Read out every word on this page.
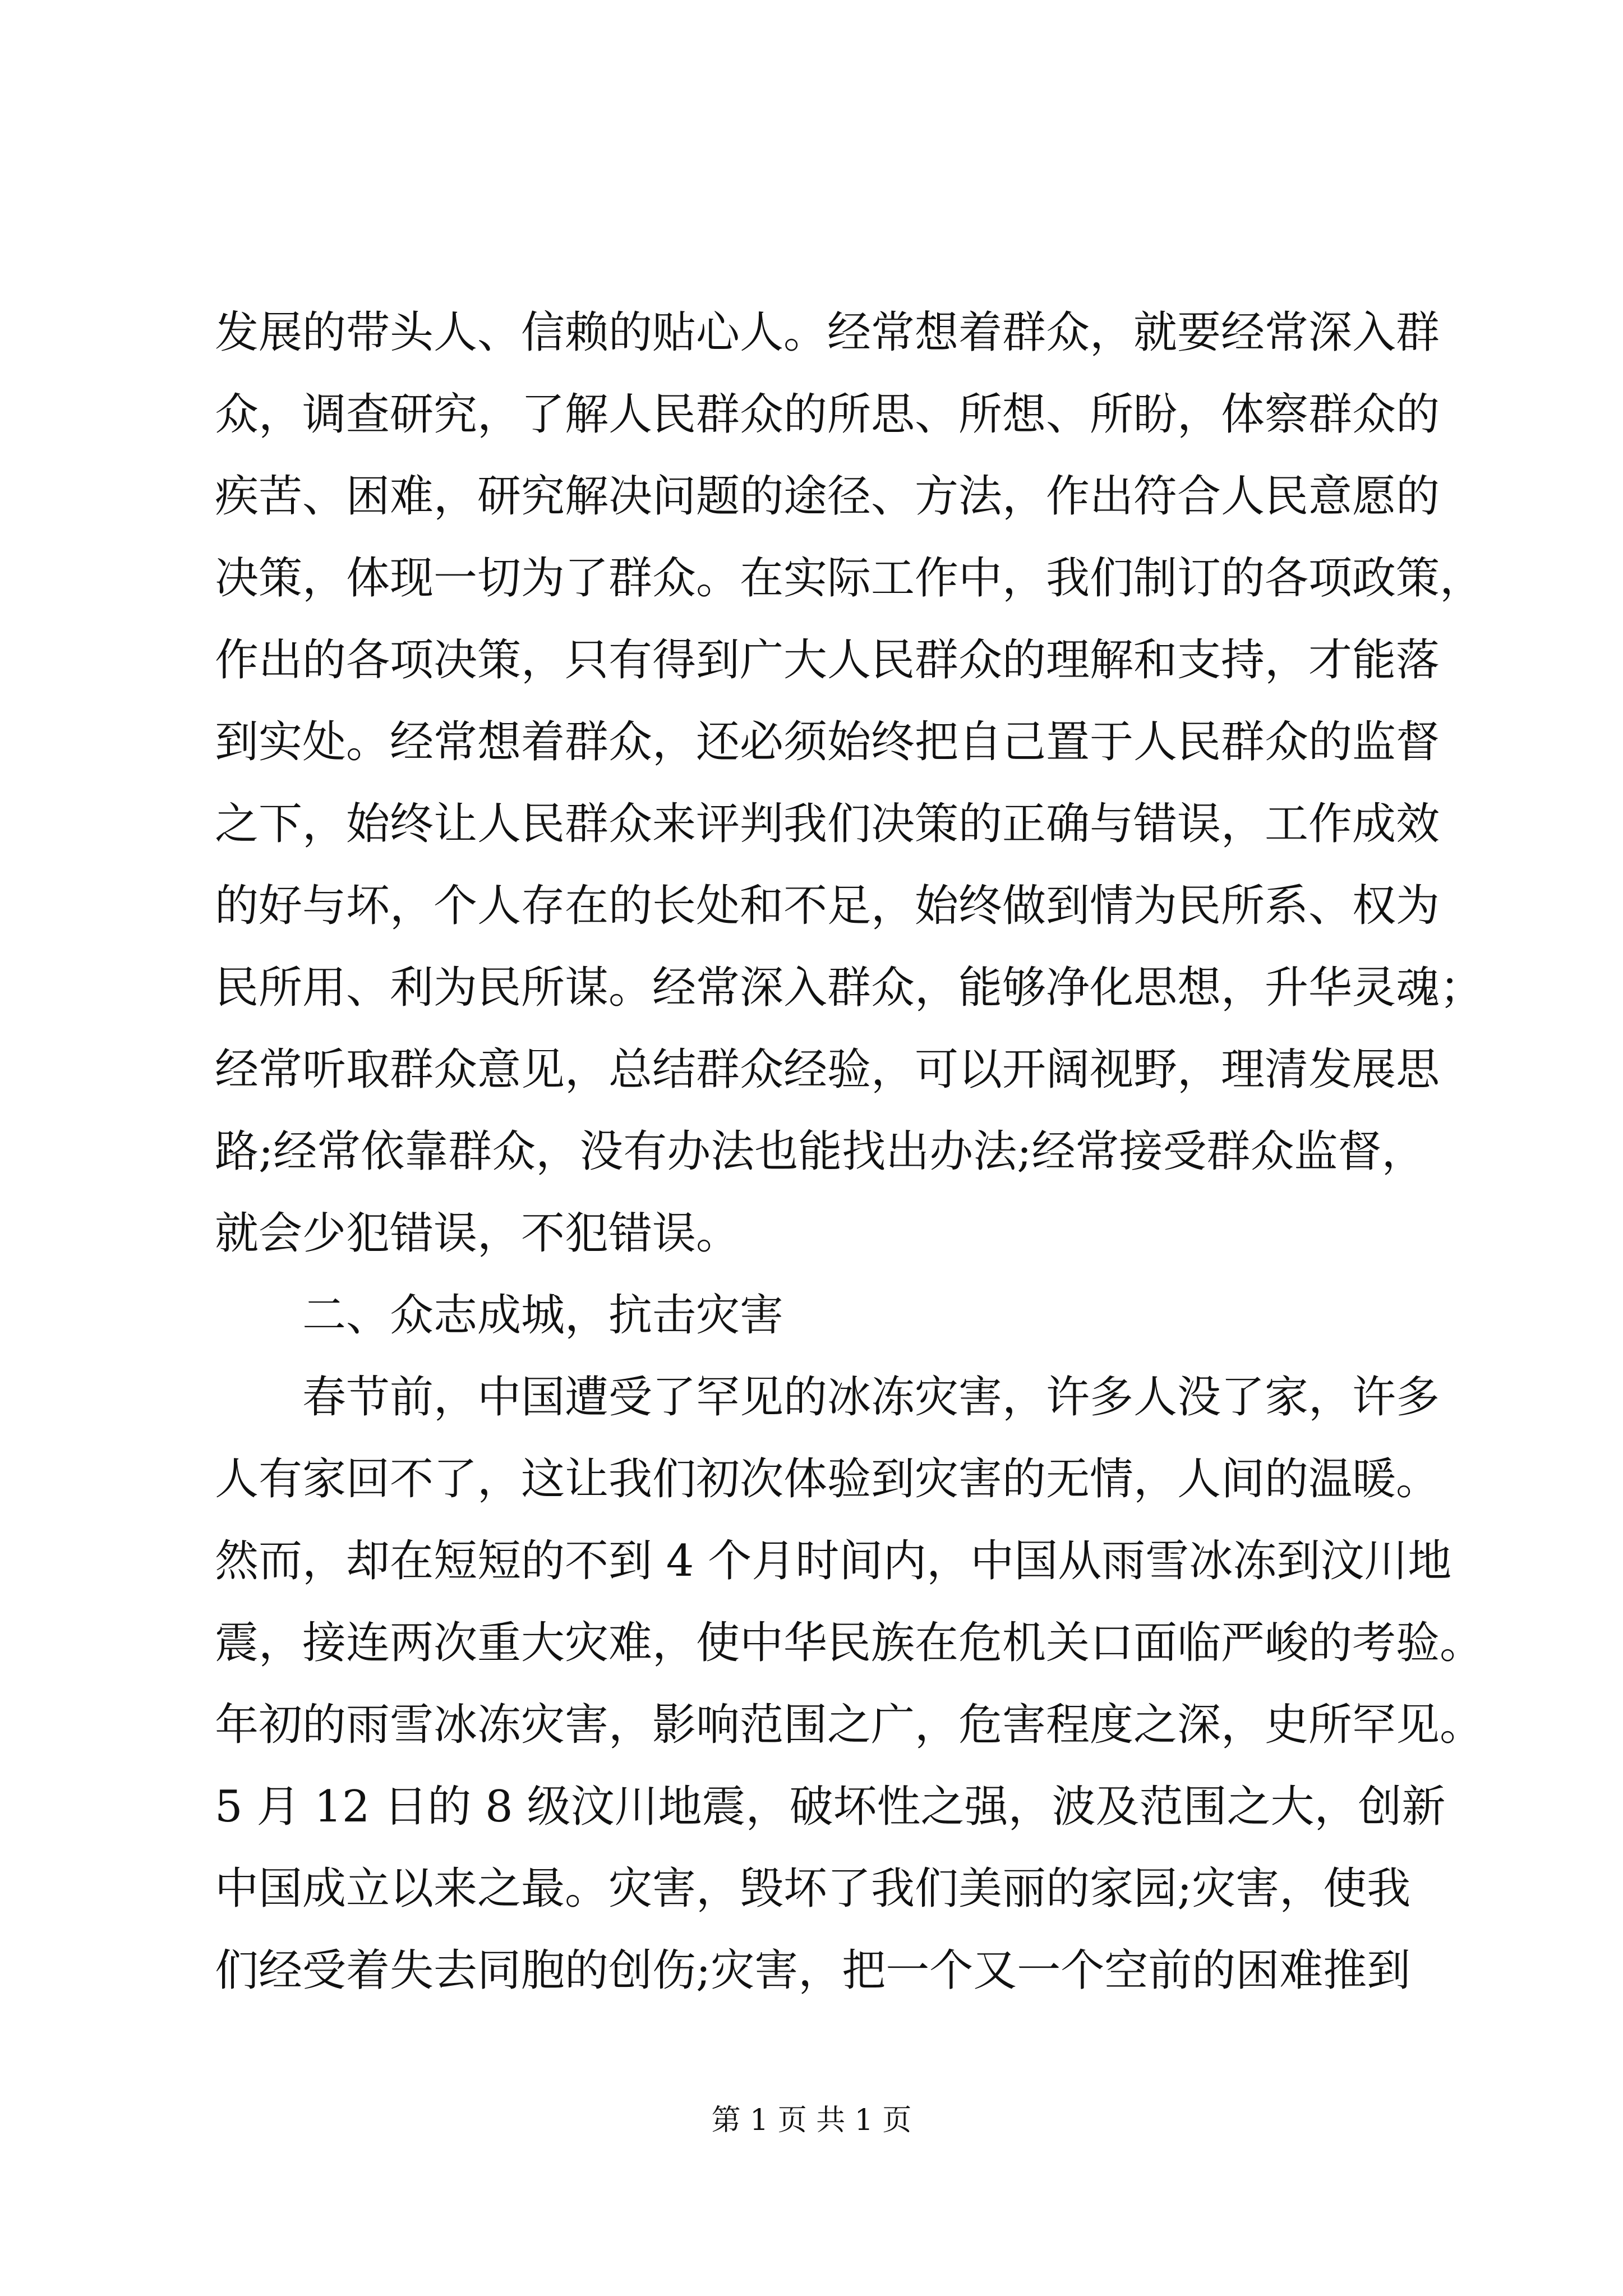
发展的带头人、信赖的贴心人。经常想着群众，就要经常深入群
众，调查研究，了解人民群众的所思、所想、所盼，体察群众的
疾苦、困难，研究解决问题的途径、方法，作出符合人民意愿的
决策，体现一切为了群众。在实际工作中，我们制订的各项政策，
作出的各项决策，只有得到广大人民群众的理解和支持，才能落
到实处。经常想着群众，还必须始终把自己置于人民群众的监督
之下，始终让人民群众来评判我们决策的正确与错误，工作成效
的好与坏，个人存在的长处和不足，始终做到情为民所系、权为
民所用、利为民所谋。经常深入群众，能够净化思想，升华灵魂；
经常听取群众意见，总结群众经验，可以开阔视野，理清发展思
路;经常依靠群众，没有办法也能找出办法;经常接受群众监督，
就会少犯错误，不犯错误。
二、众志成城，抗击灾害
春节前，中国遭受了罕见的冰冻灾害，许多人没了家，许多
人有家回不了，这让我们初次体验到灾害的无情，人间的温暖。
然而，却在短短的不到 4 个月时间内，中国从雨雪冰冻到汶川地
震，接连两次重大灾难，使中华民族在危机关口面临严峻的考验。
年初的雨雪冰冻灾害，影响范围之广，危害程度之深，史所罕见。
5 月 12 日的 8 级汶川地震，破坏性之强，波及范围之大，创新
中国成立以来之最。灾害，毁坏了我们美丽的家园;灾害，使我
们经受着失去同胞的创伤;灾害，把一个又一个空前的困难推到
第 1 页 共 1 页
